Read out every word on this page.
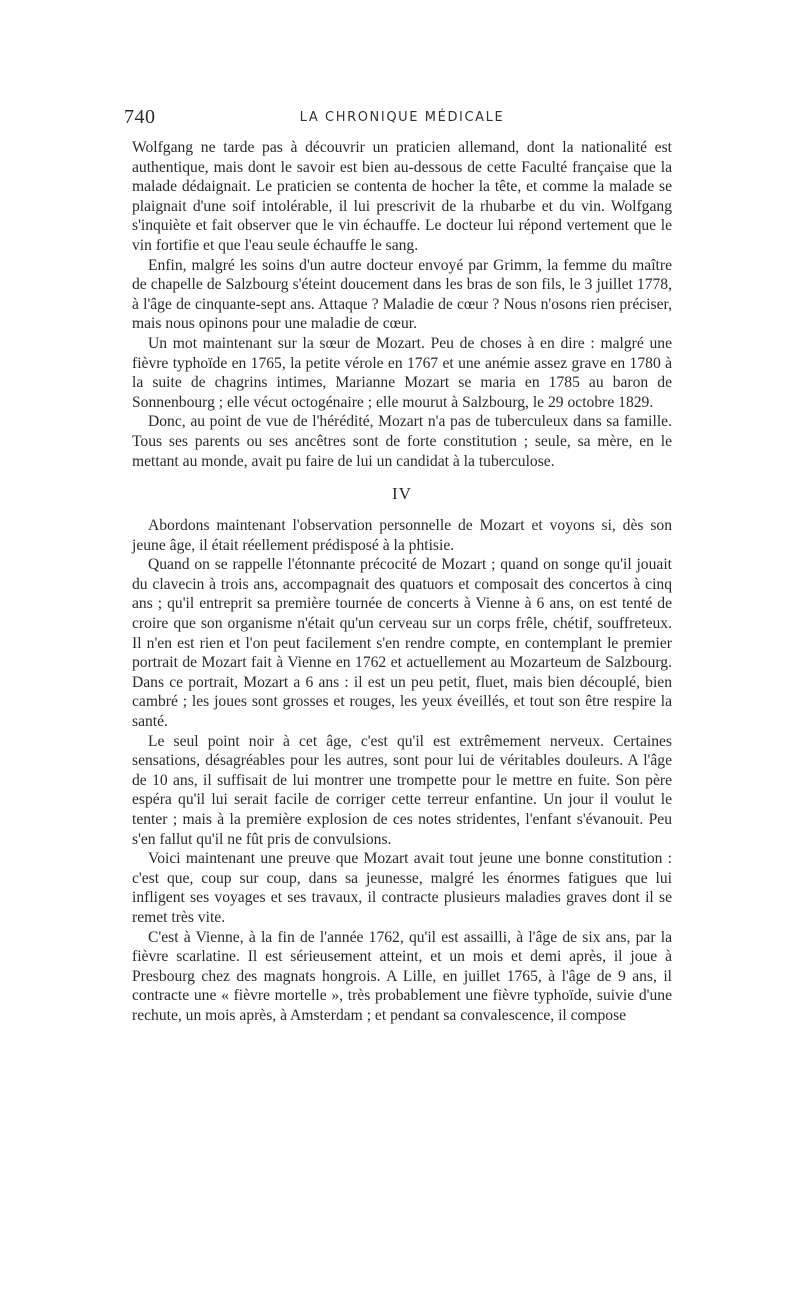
740	LA CHRONIQUE MÉDICALE

Wolfgang ne tarde pas à découvrir un praticien allemand, dont la nationalité est authentique, mais dont le savoir est bien au-dessous de cette Faculté française que la malade dédaignait. Le praticien se contenta de hocher la tête, et comme la malade se plaignait d'une soif intolérable, il lui prescrivit de la rhubarbe et du vin. Wolfgang s'inquiète et fait observer que le vin échauffe. Le docteur lui répond vertement que le vin fortifie et que l'eau seule échauffe le sang.

Enfin, malgré les soins d'un autre docteur envoyé par Grimm, la femme du maître de chapelle de Salzbourg s'éteint doucement dans les bras de son fils, le 3 juillet 1778, à l'âge de cinquante-sept ans. Attaque ? Maladie de cœur ? Nous n'osons rien préciser, mais nous opinons pour une maladie de cœur.

Un mot maintenant sur la sœur de Mozart. Peu de choses à en dire : malgré une fièvre typhoïde en 1765, la petite vérole en 1767 et une anémie assez grave en 1780 à la suite de chagrins intimes, Marianne Mozart se maria en 1785 au baron de Sonnenbourg ; elle vécut octogénaire ; elle mourut à Salzbourg, le 29 octobre 1829.

Donc, au point de vue de l'hérédité, Mozart n'a pas de tuberculeux dans sa famille. Tous ses parents ou ses ancêtres sont de forte constitution ; seule, sa mère, en le mettant au monde, avait pu faire de lui un candidat à la tuberculose.

IV

Abordons maintenant l'observation personnelle de Mozart et voyons si, dès son jeune âge, il était réellement prédisposé à la phtisie.

Quand on se rappelle l'étonnante précocité de Mozart ; quand on songe qu'il jouait du clavecin à trois ans, accompagnait des quatuors et composait des concertos à cinq ans ; qu'il entreprit sa première tournée de concerts à Vienne à 6 ans, on est tenté de croire que son organisme n'était qu'un cerveau sur un corps frêle, chétif, souffreteux. Il n'en est rien et l'on peut facilement s'en rendre compte, en contemplant le premier portrait de Mozart fait à Vienne en 1762 et actuellement au Mozarteum de Salzbourg. Dans ce portrait, Mozart a 6 ans : il est un peu petit, fluet, mais bien découplé, bien cambré ; les joues sont grosses et rouges, les yeux éveillés, et tout son être respire la santé.

Le seul point noir à cet âge, c'est qu'il est extrêmement nerveux. Certaines sensations, désagréables pour les autres, sont pour lui de véritables douleurs. A l'âge de 10 ans, il suffisait de lui montrer une trompette pour le mettre en fuite. Son père espéra qu'il lui serait facile de corriger cette terreur enfantine. Un jour il voulut le tenter ; mais à la première explosion de ces notes stridentes, l'enfant s'évanouit. Peu s'en fallut qu'il ne fût pris de convulsions.

Voici maintenant une preuve que Mozart avait tout jeune une bonne constitution : c'est que, coup sur coup, dans sa jeunesse, malgré les énormes fatigues que lui infligent ses voyages et ses travaux, il contracte plusieurs maladies graves dont il se remet très vite.

C'est à Vienne, à la fin de l'année 1762, qu'il est assailli, à l'âge de six ans, par la fièvre scarlatine. Il est sérieusement atteint, et un mois et demi après, il joue à Presbourg chez des magnats hongrois. A Lille, en juillet 1765, à l'âge de 9 ans, il contracte une « fièvre mortelle », très probablement une fièvre typhoïde, suivie d'une rechute, un mois après, à Amsterdam ; et pendant sa convalescence, il compose
